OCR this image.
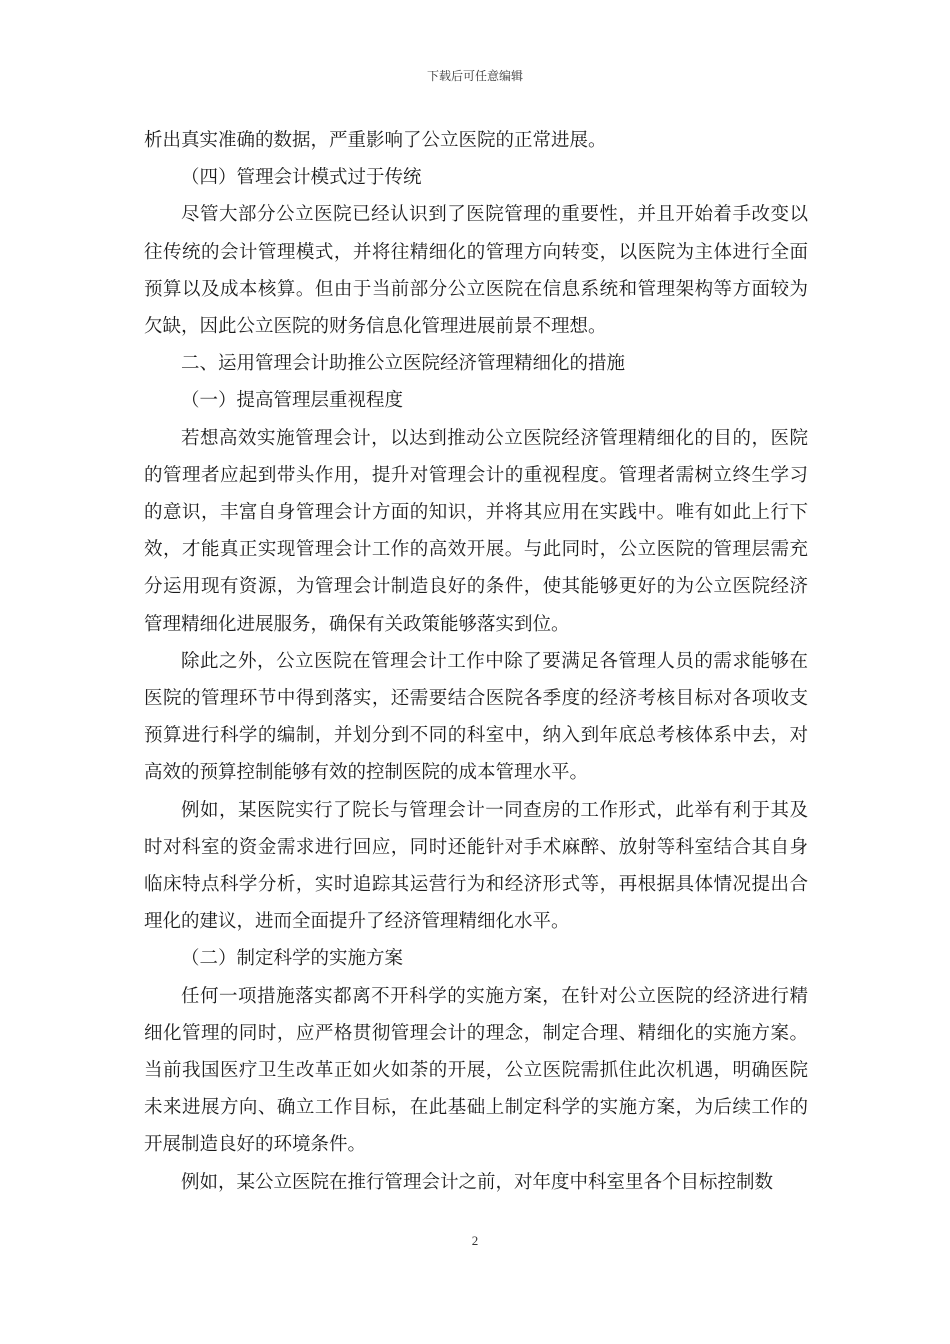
下载后可任意编辑

析出真实准确的数据，严重影响了公立医院的正常进展。

（四）管理会计模式过于传统

尽管大部分公立医院已经认识到了医院管理的重要性，并且开始着手改变以往传统的会计管理模式，并将往精细化的管理方向转变，以医院为主体进行全面预算以及成本核算。但由于当前部分公立医院在信息系统和管理架构等方面较为欠缺，因此公立医院的财务信息化管理进展前景不理想。

二、运用管理会计助推公立医院经济管理精细化的措施

（一）提高管理层重视程度

若想高效实施管理会计，以达到推动公立医院经济管理精细化的目的，医院的管理者应起到带头作用，提升对管理会计的重视程度。管理者需树立终生学习的意识，丰富自身管理会计方面的知识，并将其应用在实践中。唯有如此上行下效，才能真正实现管理会计工作的高效开展。与此同时，公立医院的管理层需充分运用现有资源，为管理会计制造良好的条件，使其能够更好的为公立医院经济管理精细化进展服务，确保有关政策能够落实到位。

除此之外，公立医院在管理会计工作中除了要满足各管理人员的需求能够在医院的管理环节中得到落实，还需要结合医院各季度的经济考核目标对各项收支预算进行科学的编制，并划分到不同的科室中，纳入到年底总考核体系中去，对高效的预算控制能够有效的控制医院的成本管理水平。

例如，某医院实行了院长与管理会计一同查房的工作形式，此举有利于其及时对科室的资金需求进行回应，同时还能针对手术麻醉、放射等科室结合其自身临床特点科学分析，实时追踪其运营行为和经济形式等，再根据具体情况提出合理化的建议，进而全面提升了经济管理精细化水平。

（二）制定科学的实施方案

任何一项措施落实都离不开科学的实施方案，在针对公立医院的经济进行精细化管理的同时，应严格贯彻管理会计的理念，制定合理、精细化的实施方案。当前我国医疗卫生改革正如火如荼的开展，公立医院需抓住此次机遇，明确医院未来进展方向、确立工作目标，在此基础上制定科学的实施方案，为后续工作的开展制造良好的环境条件。

例如，某公立医院在推行管理会计之前，对年度中科室里各个目标控制数

2
